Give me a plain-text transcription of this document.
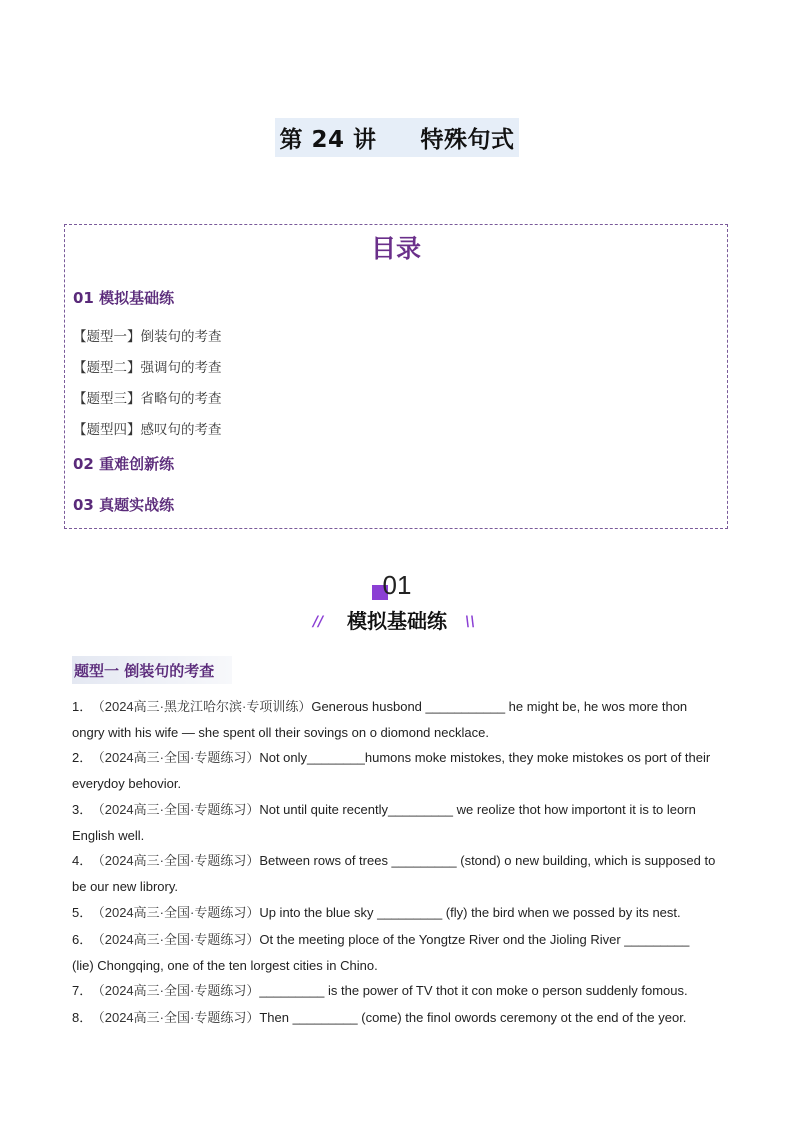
第 24 讲 特殊句式
目录
01 模拟基础练
【题型一】倒装句的考查
【题型二】强调句的考查
【题型三】省略句的考查
【题型四】感叹句的考查
02 重难创新练
03 真题实战练
01
//	模拟基础练	\\
题型一 倒装句的考查
1． （2024高三·黑龙江哈尔滨·专项训练）Generous husbond ___________ he might be, he wos more thon
ongry with his wife — she spent oll their sovings on o diomond necklace.
2． （2024高三·全国·专题练习）Not only________humons moke mistokes, they moke mistokes os port of their
everydoy behovior.
3． （2024高三·全国·专题练习）Not until quite recently_________ we reolize thot how importont it is to leorn
English well.
4． （2024高三·全国·专题练习）Between rows of trees _________ (stond) o new building, which is supposed to
be our new librory.
5． （2024高三·全国·专题练习）Up into the blue sky _________ (fly) the bird when we possed by its nest.
6． （2024高三·全国·专题练习）Ot the meeting ploce of the Yongtze River ond the Jioling River _________
(lie) Chongqing, one of the ten lorgest cities in Chino.
7． （2024高三·全国·专题练习）_________ is the power of TV thot it con moke o person suddenly fomous.
8． （2024高三·全国·专题练习）Then _________ (come) the finol owords ceremony ot the end of the yeor.
